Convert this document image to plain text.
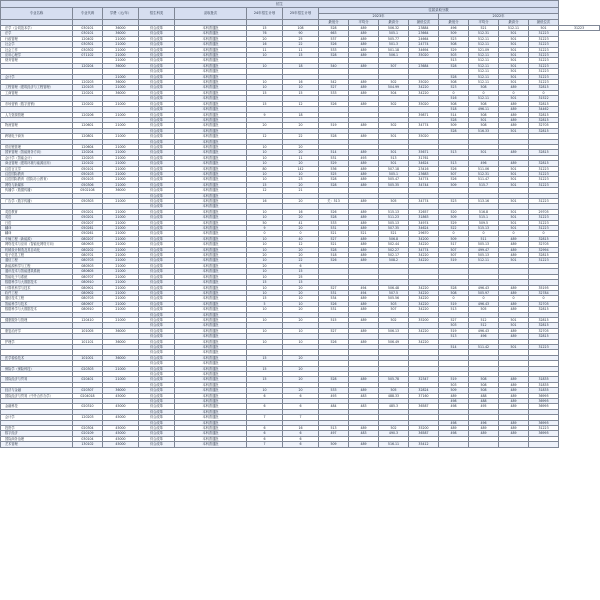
招生															
专业名称	专业代码	学费（元/年）	招生科类	录取批次	24年招生计划	25年招生计划	往届录取分数								
							2023年				2022年				
							最低分	平均分	最高分	最低位次	最低分	平均分	最高分	最低位次	
法学（合同范本学）	030101	36000	综合改革	本科普通批	15	108	528	489	506.32	23884	496	521	512.11	501	31223
法学	030101	36000	综合改革	本科普通批	76	90	663	489	505.1	23664	509	512.31	501	31223	
行政管理	120402	21000	综合改革	本科普通批	20	25	537	489	505.77	24664	523	512.11	501	31223	
社会学	030301	21000	综合改革	本科普通批	16	22	526	489	501.3	24774	508	512.11	501	31223	
社会工作	030302	21000	综合改革	本科普通批	11	11	533	489	501.18	34694	529	521.09	501	31223	
应用心理学	071102	21000	综合改革	本科普通批	10	15	528	489	506.1	35020	503	512.11	501	31223	
财务管理		21000	综合改革	本科普通批							513	512.11	501	31223	
	120204	36000	综合改革	本科普通批	10	18	540	489	507	23684	528	512.11	501	31223	
			综合改革	本科普通批								512.11	501	31223	
会计学		21000	综合改革	本科普通批							528	512.11	501	31223	
	120203	36000	综合改革	本科普通批	10	16	542	489	502	35020	508	512.11	501	31223	
工程管理（建筑经济与工程管理）	120103	21000	综合改革	本科普通批	10	10	527	489	504.99	34220	523	508	489	32815	
工商管理	120201	36000	综合改革	本科普通批	15	15	533	489	504	34220	0	0	0	0	
			综合改革	本科普通批							516	512.11	501	31522	
市场营销（数字营销）	120202	21000	综合改革	本科普通批	15	12	526	489	502	35020	508	508	489	32815	
			综合改革	本科普通批							518	496.11	489	34462	
人力资源管理	120206	21000	综合改革	本科普通批	9	18				39871	514	508	489	32815	
			综合改革	本科普通批							528	501	489	32815	
物流管理	120601	21000	综合改革	本科普通批	20	20	519	489	502	34774	509	508	489	32705	
			综合改革	本科普通批							528	516.33	501	32815	
跨境电子商务	120801	21000	综合改革	本科普通批	12	22	528	489	501	35020					
			综合改革	本科普通批											
供应链管理	120604	21000	综合改革	本科普通批	10	20									
国家管理（智能财务方向）	120204	21000	综合改革	本科普通批	10	20	514	489	501	35671	513	501	489	32815	
会计学（智能会计）	120203	21000	综合改革	本科普通批	10	11	531	493	513	31761					
商业管理（建筑环境与能源应用）	120102	21000	综合改革	本科普通批	10	20	529	489	501	34624	513	496	489	32815	
汉语言文学	050101	21000	综合改革	本科普通批	80	142	536	489	507.18	23416	526	511.06	501	31223	
汉语国际教育	050103	21000	综合改革	本科普通批	10	10	525	489	505.1	23683	507	512.31	501	31223	
汉语国际教育（国际办公教育）	050103	21000	综合改革	本科普通批	10	23	528	489	505.47	34774	526	511.47	501	31223	
网络与新媒体	050306	21000	综合改革	本科普通批	15	20	528	489	505.35	34744	509	515.7	501	31223	
传播学（数据传播）	0502108	36000	综合改革	本科普通批	12	21									
			综合改革	本科普通批											
广告学（数字传播）	050303	21000	综合改革	本科普通批	16	20	关：513	489	505	34774	523	513.16	501	31223	
			综合改革	本科普通批											
英语教育	050201	21000	综合改革	本科普通批	10	16	526	489	515.13	32657	520	516.8	501	29705	
英语	050201	21000	综合改革	本科普通批	10	20	528	489	511.23	31863	509	515.1	501	31223	
日语	050207	21000	综合改革	本科普通批	50	41	533	489	505.13	34974	529	509.5	501	31223	
翻译	050261	21000	综合改革	本科普通批	9	20	531	489	507.35	34624	522	515.13	501	31223	
翻译	050261	21000	综合改革	本科普通批	0	0	521	521	521	29670	0	0	0	0	
车辆工程（新能源）	080207	21000	综合改革	本科普通批	10	40	527	489	506.8	34200	509	511	489	32815	
网络技术与应用（智能化网络方向）	080903	21000	综合改革	本科普通批	10	12	521	489	502.44	34220	517	505.13	489	32705	
机械设计制造及其自动化	080202	21000	综合改革	本科普通批	10	20	528	489	502.27	34774	507	499.47	489	32994	
电子信息工程	080701	21000	综合改革	本科普通批	20	20	518	489	502.17	34220	507	505.13	489	32815	
通信工程	080703	21000	综合改革	本科普通批	10	22	526	489	508.2	34220	519	512.11	501	31223	
新能源科学与工程	080503	21000	综合改革	本科普通批	20	6									
通讯技术与智能建筑系统	080605	21000	综合改革	本科普通批	10	15									
智能电子与系统	080707	21000	综合改革	本科普通批	10	25									
数据科学与大数据技术	080910	21000	综合改革	本科普通批	15	15									
计算机科学与技术	080901	21000	综合改革	本科普通批	10	20	527	494	506.48	34220	528	496.43	489	35195	
软件工程	080902	21000	综合改革	本科普通批	10	20	531	494	507.5	34220	508	505.97	489	32784	
通信技术工程	080703	21000	综合改革	本科普通批	15	10	534	489	505.56	34220	0	0	0	0	
智能科学与技术	080907	21000	综合改革	本科普通批	5	10	526	489	503	34220	519	496.43	489	32705	
数据科学与大数据技术	080910	21000	综合改革	本科普通批	10	20	531	489	507	34220	513	505	489	32815	
			综合改革	本科普通批											
健康服务与管理	120410	21000	综合改革	本科普通批	10	20	515	489	502	35200	527	512	501	32815	
			综合改革	本科普通批							503	512	501	32815	
康复治疗学	101005	36000	综合改革	本科普通批	10	10	527	489	506.13	34220	519	496.43	489	32705	
			综合改革	本科普通批							513	496	489	32815	
护理学	101101	36000	综合改革	本科普通批	10	10	526	489	506.49	34220					
			综合改革	本科普通批							514	511.42	501	31223	
			综合改革	本科普通批											
医学检验技术	101001	36000	综合改革	本科普通批	15	20									
			综合改革	本科普通批											
保险学（保险科技）	020303	21000	综合改革	本科普通批	15	20									
			综合改革	本科普通批											
国际经济与贸易	020401	21000	综合改革	本科普通批	15	20	528	489	505.78	32347	519	508	489	31835	
			综合改革	本科普通批							503	508	489	31835	
经济与金融	020307	36000	综合改革	本科普通批	10	20	533	489	505	32824	509	508	489	31835	
国际经济与贸易（中外合作办学）	0204018	45000	综合改革	本科普通批	6	6	493	483	488.33	37160	489	488	489	36995	
			综合改革	本科普通批							498	488	489	36995	
金融科技	020310	45000	综合改革	本科普通批	6	6	484	483	485.3	36587	498	495	489	36995	
			综合改革	本科普通批											
会计学	120203	45000	综合改革	本科普通批	7	7									
			综合改革	本科普通批							498	496	489	36995	
投资学	020304	45000	综合改革	本科普通批	6	16	513	489	502	35200	489	489	489	31223	
数字经济	020109	45000	综合改革	本科普通批	6	6	497	483	490.3	36587	498	489	489	36995	
国际商务治理	030104	45000	综合改革	本科普通批	6	6									
艺术管理	130102	45000	综合改革	本科普通批	7	6	509	489	516.11	35412					
